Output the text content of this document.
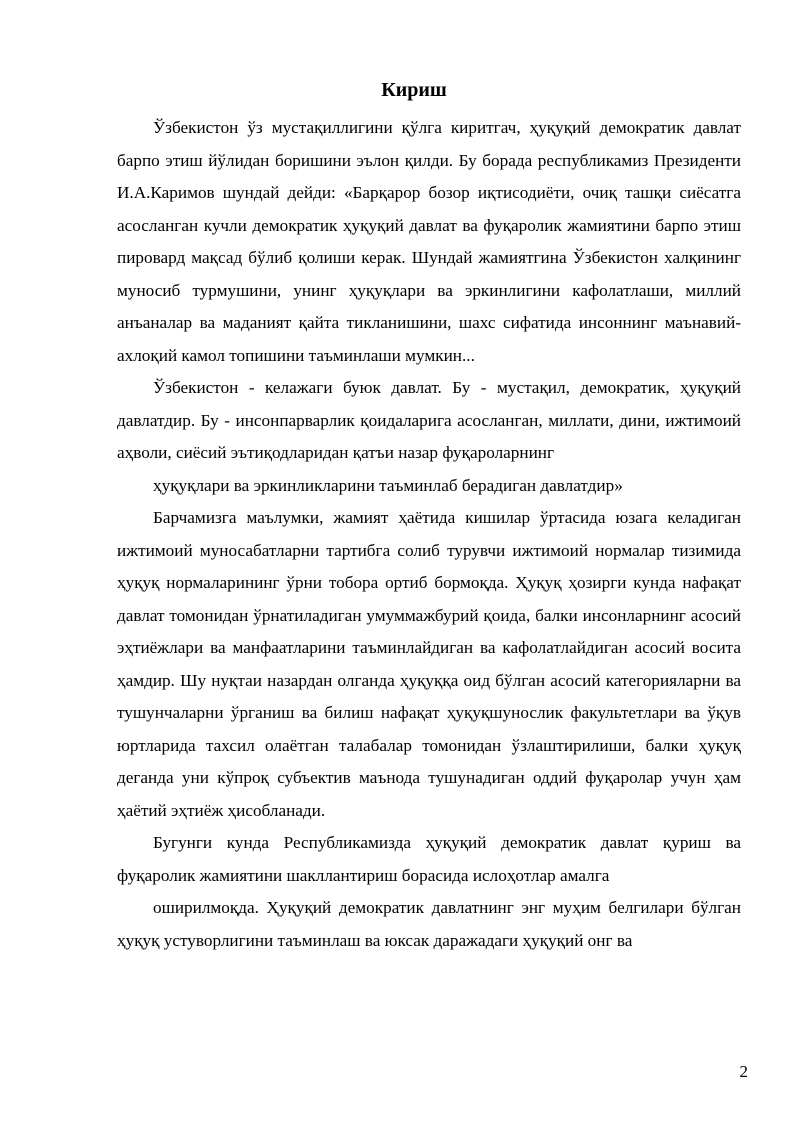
Кириш

Ўзбекистон ўз мустақиллигини қўлга киритгач, ҳуқуқий демократик давлат барпо этиш йўлидан боришини эълон қилди. Бу борада республикамиз Президенти И.А.Каримов шундай дейди: «Барқарор бозор иқтисодиёти, очиқ ташқи сиёсатга асосланган кучли демократик ҳуқуқий давлат ва фуқаролик жамиятини барпо этиш пировард мақсад бўлиб қолиши керак. Шундай жамиятгина Ўзбекистон халқининг муносиб турмушини, унинг ҳуқуқлари ва эркинлигини кафолатлаши, миллий анъаналар ва маданият қайта тикланишини, шахс сифатида инсоннинг маънавий-ахлоқий камол топишини таъминлаши мумкин...

Ўзбекистон - келажаги буюк давлат. Бу - мустақил, демократик, ҳуқуқий давлатдир. Бу - инсонпарварлик қоидаларига асосланган, миллати, дини, ижтимоий аҳволи, сиёсий эътиқодларидан қатъи назар фуқароларнинг

ҳуқуқлари ва эркинликларини таъминлаб берадиган давлатдир»

Барчамизга маълумки, жамият ҳаётида кишилар ўртасида юзага келадиган ижтимоий муносабатларни тартибга солиб турувчи ижтимоий нормалар тизимида ҳуқуқ нормаларининг ўрни тобора ортиб бормоқда. Ҳуқуқ ҳозирги кунда нафақат давлат томонидан ўрнатиладиган умуммажбурий қоида, балки инсонларнинг асосий эҳтиёжлари ва манфаатларини таъминлайдиган ва кафолатлайдиган асосий восита ҳамдир. Шу нуқтаи назардан олганда ҳуқуққа оид бўлган асосий категорияларни ва тушунчаларни ўрганиш ва билиш нафақат ҳуқуқшунослик факультетлари ва ўқув юртларида тахсил олаётган талабалар томонидан ўзлаштирилиши, балки ҳуқуқ деганда уни кўпроқ субъектив маънода тушунадиган оддий фуқаролар учун ҳам ҳаётий эҳтиёж ҳисобланади.

Бугунги кунда Республикамизда ҳуқуқий демократик давлат қуриш ва фуқаролик жамиятини шакллантириш борасида ислоҳотлар амалга

оширилмоқда. Ҳуқуқий демократик давлатнинг энг муҳим белгилари бўлган ҳуқуқ устуворлигини таъминлаш ва юксак даражадаги ҳуқуқий онг ва

2
